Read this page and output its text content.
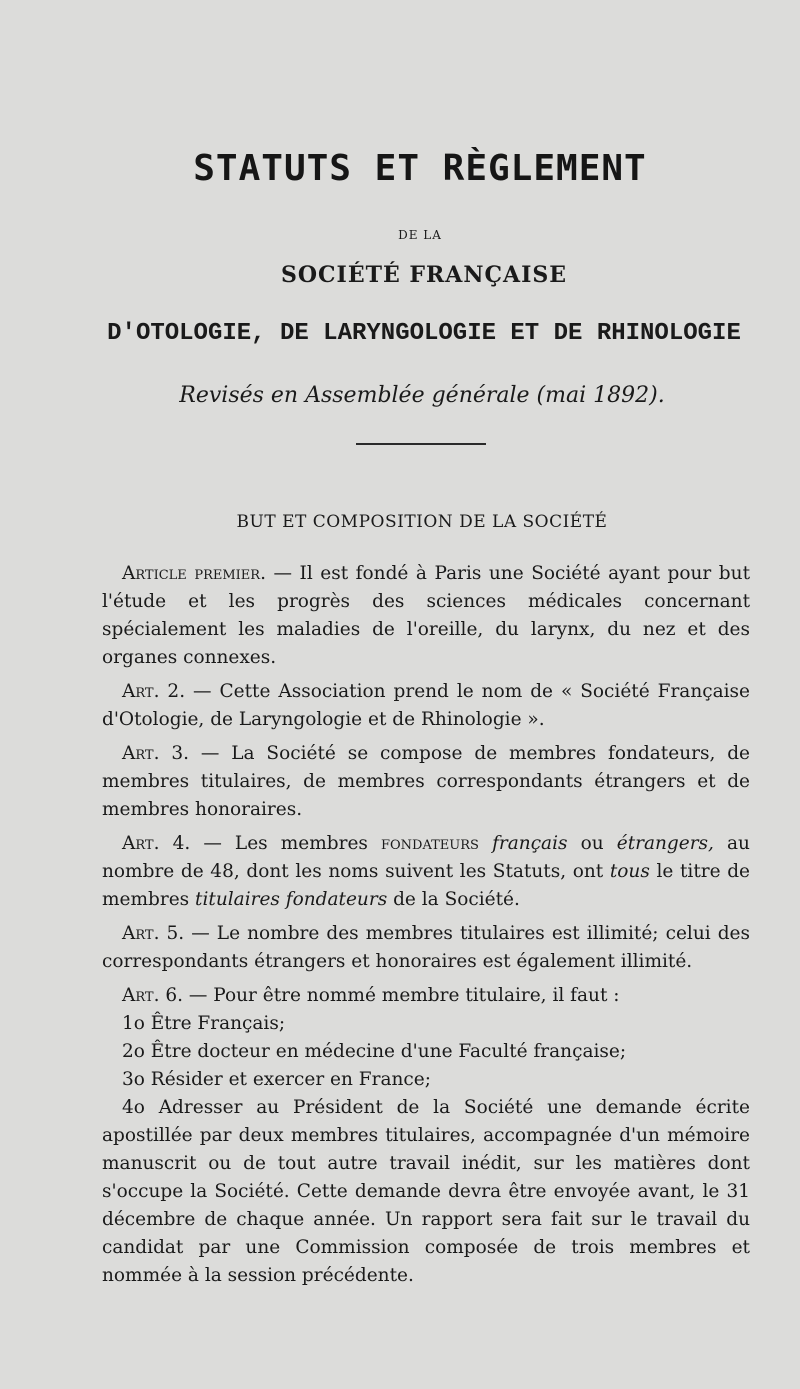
STATUTS ET RÈGLEMENT
DE LA
SOCIÉTÉ FRANÇAISE
D'OTOLOGIE, DE LARYNGOLOGIE ET DE RHINOLOGIE
Revisés en Assemblée générale (mai 1892).
BUT ET COMPOSITION DE LA SOCIÉTÉ

Article premier. — Il est fondé à Paris une Société ayant pour but l'étude et les progrès des sciences médicales concernant spécialement les maladies de l'oreille, du larynx, du nez et des organes connexes.

Art. 2. — Cette Association prend le nom de « Société Française d'Otologie, de Laryngologie et de Rhinologie ».

Art. 3. — La Société se compose de membres fondateurs, de membres titulaires, de membres correspondants étrangers et de membres honoraires.

Art. 4. — Les membres fondateurs français ou étrangers, au nombre de 48, dont les noms suivent les Statuts, ont tous le titre de membres titulaires fondateurs de la Société.

Art. 5. — Le nombre des membres titulaires est illimité; celui des correspondants étrangers et honoraires est également illimité.

Art. 6. — Pour être nommé membre titulaire, il faut :

1o Être Français;

2o Être docteur en médecine d'une Faculté française;

3o Résider et exercer en France;

4o Adresser au Président de la Société une demande écrite apostillée par deux membres titulaires, accompagnée d'un mémoire manuscrit ou de tout autre travail inédit, sur les matières dont s'occupe la Société. Cette demande devra être envoyée avant, le 31 décembre de chaque année. Un rapport sera fait sur le travail du candidat par une Commission composée de trois membres et nommée à la session précédente.
